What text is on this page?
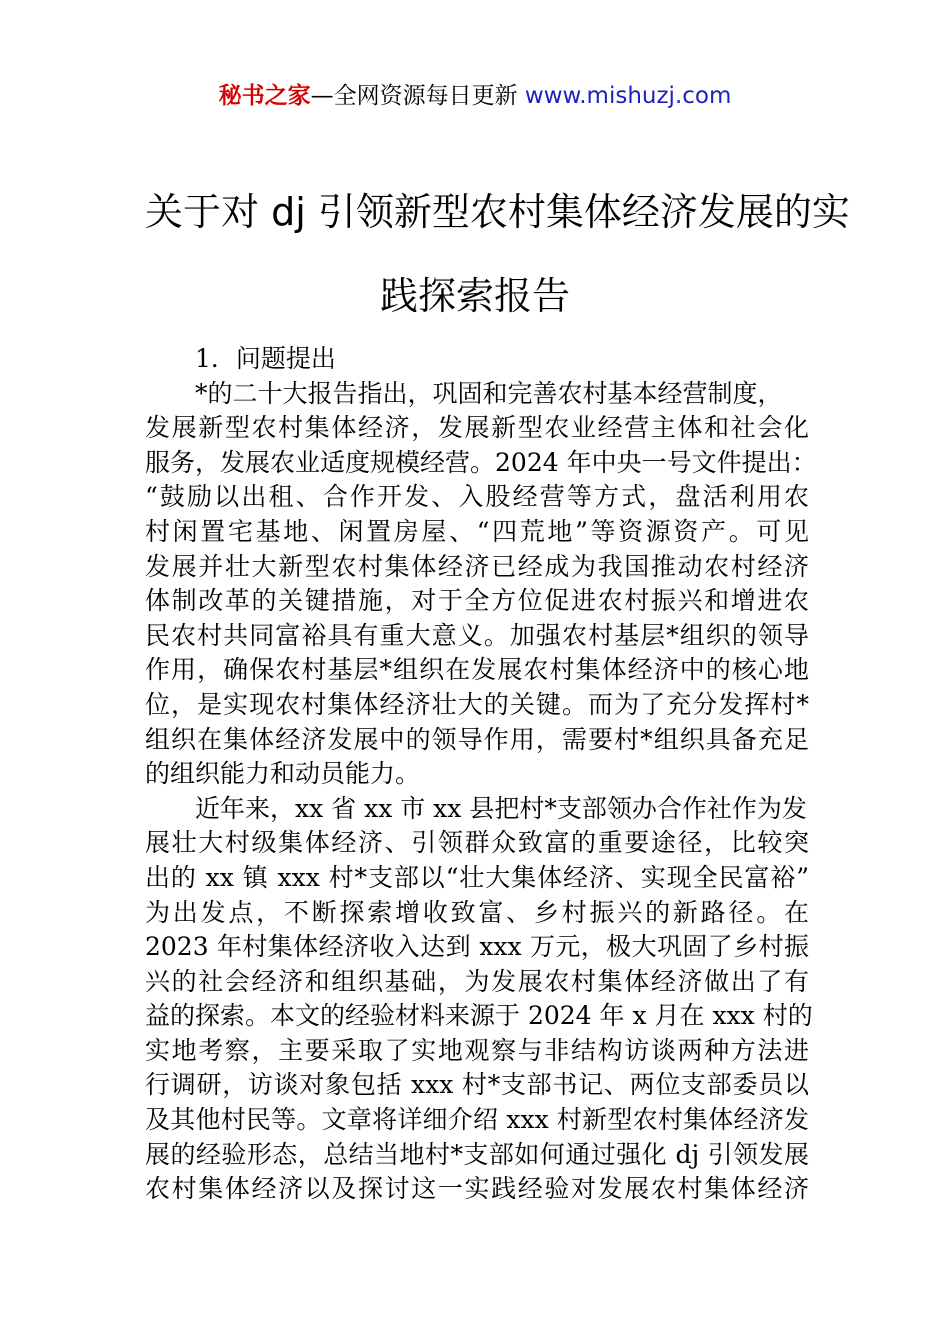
秘书之家—全网资源每日更新 www.mishuzj.com
关于对 dj 引领新型农村集体经济发展的实
践探索报告
1．问题提出
*的二十大报告指出，巩固和完善农村基本经营制度，
发展新型农村集体经济，发展新型农业经营主体和社会化
服务，发展农业适度规模经营。2024 年中央一号文件提出：
“鼓励以出租、合作开发、入股经营等方式，盘活利用农
村闲置宅基地、闲置房屋、“四荒地”等资源资产。可见
发展并壮大新型农村集体经济已经成为我国推动农村经济
体制改革的关键措施，对于全方位促进农村振兴和增进农
民农村共同富裕具有重大意义。加强农村基层*组织的领导
作用，确保农村基层*组织在发展农村集体经济中的核心地
位，是实现农村集体经济壮大的关键。而为了充分发挥村*
组织在集体经济发展中的领导作用，需要村*组织具备充足
的组织能力和动员能力。
近年来，xx 省 xx 市 xx 县把村*支部领办合作社作为发
展壮大村级集体经济、引领群众致富的重要途径，比较突
出的 xx 镇 xxx 村*支部以“壮大集体经济、实现全民富裕”
为出发点，不断探索增收致富、乡村振兴的新路径。在
2023 年村集体经济收入达到 xxx 万元，极大巩固了乡村振
兴的社会经济和组织基础，为发展农村集体经济做出了有
益的探索。本文的经验材料来源于 2024 年 x 月在 xxx 村的
实地考察，主要采取了实地观察与非结构访谈两种方法进
行调研，访谈对象包括 xxx 村*支部书记、两位支部委员以
及其他村民等。文章将详细介绍 xxx 村新型农村集体经济发
展的经验形态，总结当地村*支部如何通过强化 dj 引领发展
农村集体经济以及探讨这一实践经验对发展农村集体经济
